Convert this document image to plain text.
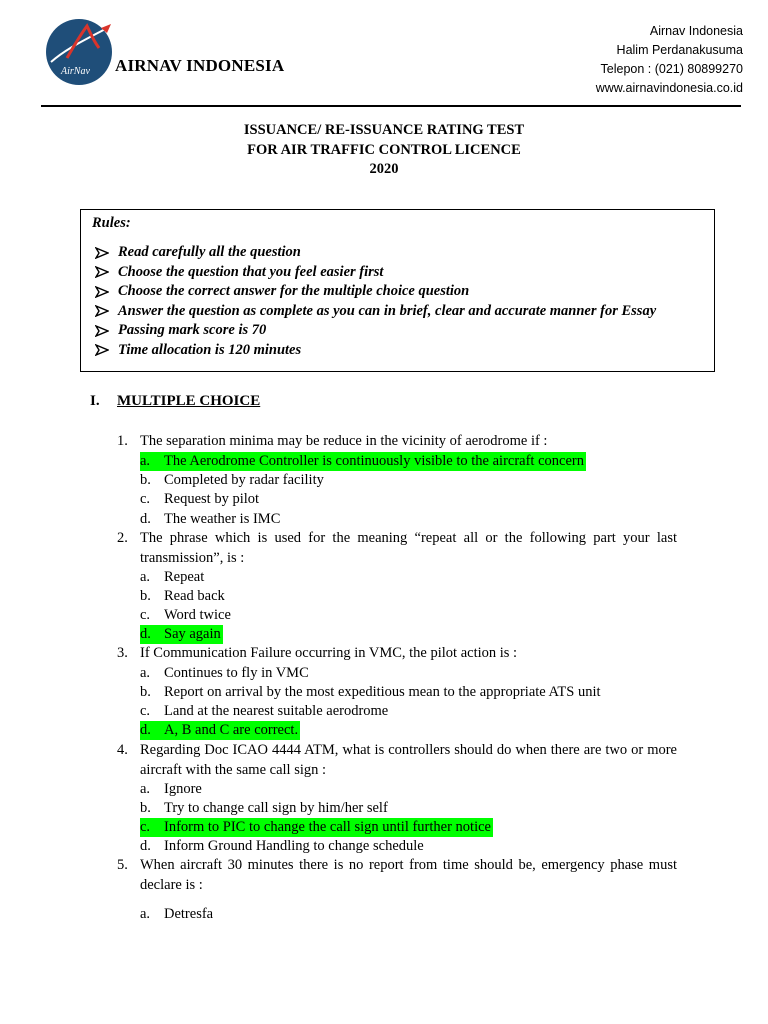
AirNav AIRNAV INDONESIA
Airnav Indonesia
Halim Perdanakusuma
Telepon : (021) 80899270
www.airnavindonesia.co.id
ISSUANCE/ RE-ISSUANCE RATING TEST
FOR AIR TRAFFIC CONTROL LICENCE
2020
Rules:
Read carefully all the question
Choose the question that you feel easier first
Choose the correct answer for the multiple choice question
Answer the question as complete as you can in brief, clear and accurate manner for Essay
Passing mark score is 70
Time allocation is 120 minutes
I. MULTIPLE CHOICE
1. The separation minima may be reduce in the vicinity of aerodrome if :
a. The Aerodrome Controller is continuously visible to the aircraft concern
b. Completed by radar facility
c. Request by pilot
d. The weather is IMC
2. The phrase which is used for the meaning “repeat all or the following part your last transmission”, is :
a. Repeat
b. Read back
c. Word twice
d. Say again
3. If Communication Failure occurring in VMC, the pilot action is :
a. Continues to fly in VMC
b. Report on arrival by the most expeditious mean to the appropriate ATS unit
c. Land at the nearest suitable aerodrome
d. A, B and C are correct.
4. Regarding Doc ICAO 4444 ATM, what is controllers should do when there are two or more aircraft with the same call sign :
a. Ignore
b. Try to change call sign by him/her self
c. Inform to PIC to change the call sign until further notice
d. Inform Ground Handling to change schedule
5. When aircraft 30 minutes there is no report from time should be, emergency phase must declare is :
a. Detresfa
